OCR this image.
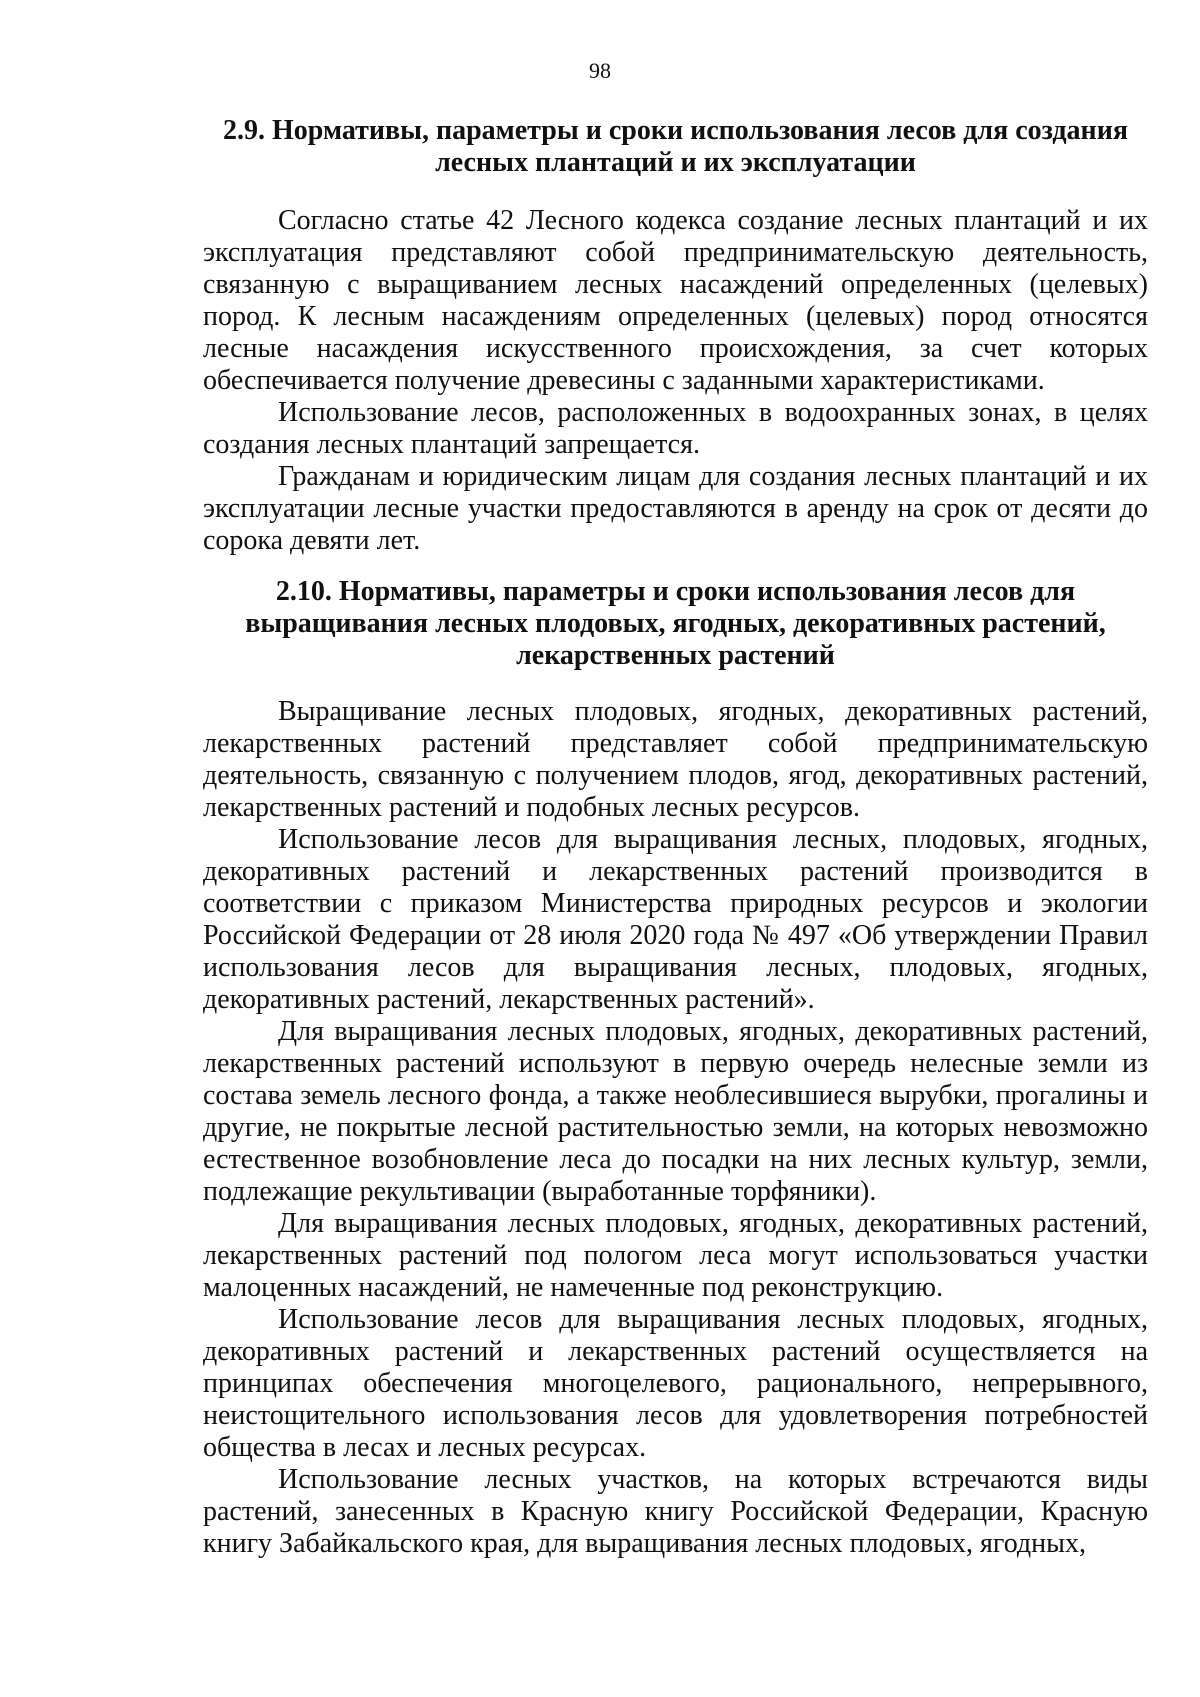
98
2.9. Нормативы, параметры и сроки использования лесов для создания лесных плантаций и их эксплуатации

Согласно статье 42 Лесного кодекса создание лесных плантаций и их эксплуатация представляют собой предпринимательскую деятельность, связанную с выращиванием лесных насаждений определенных (целевых) пород. К лесным насаждениям определенных (целевых) пород относятся лесные насаждения искусственного происхождения, за счет которых обеспечивается получение древесины с заданными характеристиками.

Использование лесов, расположенных в водоохранных зонах, в целях создания лесных плантаций запрещается.

Гражданам и юридическим лицам для создания лесных плантаций и их эксплуатации лесные участки предоставляются в аренду на срок от десяти до сорока девяти лет.

2.10. Нормативы, параметры и сроки использования лесов для выращивания лесных плодовых, ягодных, декоративных растений, лекарственных растений

Выращивание лесных плодовых, ягодных, декоративных растений, лекарственных растений представляет собой предпринимательскую деятельность, связанную с получением плодов, ягод, декоративных растений, лекарственных растений и подобных лесных ресурсов.

Использование лесов для выращивания лесных, плодовых, ягодных, декоративных растений и лекарственных растений производится в соответствии с приказом Министерства природных ресурсов и экологии Российской Федерации от 28 июля 2020 года № 497 «Об утверждении Правил использования лесов для выращивания лесных, плодовых, ягодных, декоративных растений, лекарственных растений».

Для выращивания лесных плодовых, ягодных, декоративных растений, лекарственных растений используют в первую очередь нелесные земли из состава земель лесного фонда, а также необлесившиеся вырубки, прогалины и другие, не покрытые лесной растительностью земли, на которых невозможно естественное возобновление леса до посадки на них лесных культур, земли, подлежащие рекультивации (выработанные торфяники).

Для выращивания лесных плодовых, ягодных, декоративных растений, лекарственных растений под пологом леса могут использоваться участки малоценных насаждений, не намеченные под реконструкцию.

Использование лесов для выращивания лесных плодовых, ягодных, декоративных растений и лекарственных растений осуществляется на принципах обеспечения многоцелевого, рационального, непрерывного, неистощительного использования лесов для удовлетворения потребностей общества в лесах и лесных ресурсах.

Использование лесных участков, на которых встречаются виды растений, занесенных в Красную книгу Российской Федерации, Красную книгу Забайкальского края, для выращивания лесных плодовых, ягодных,
